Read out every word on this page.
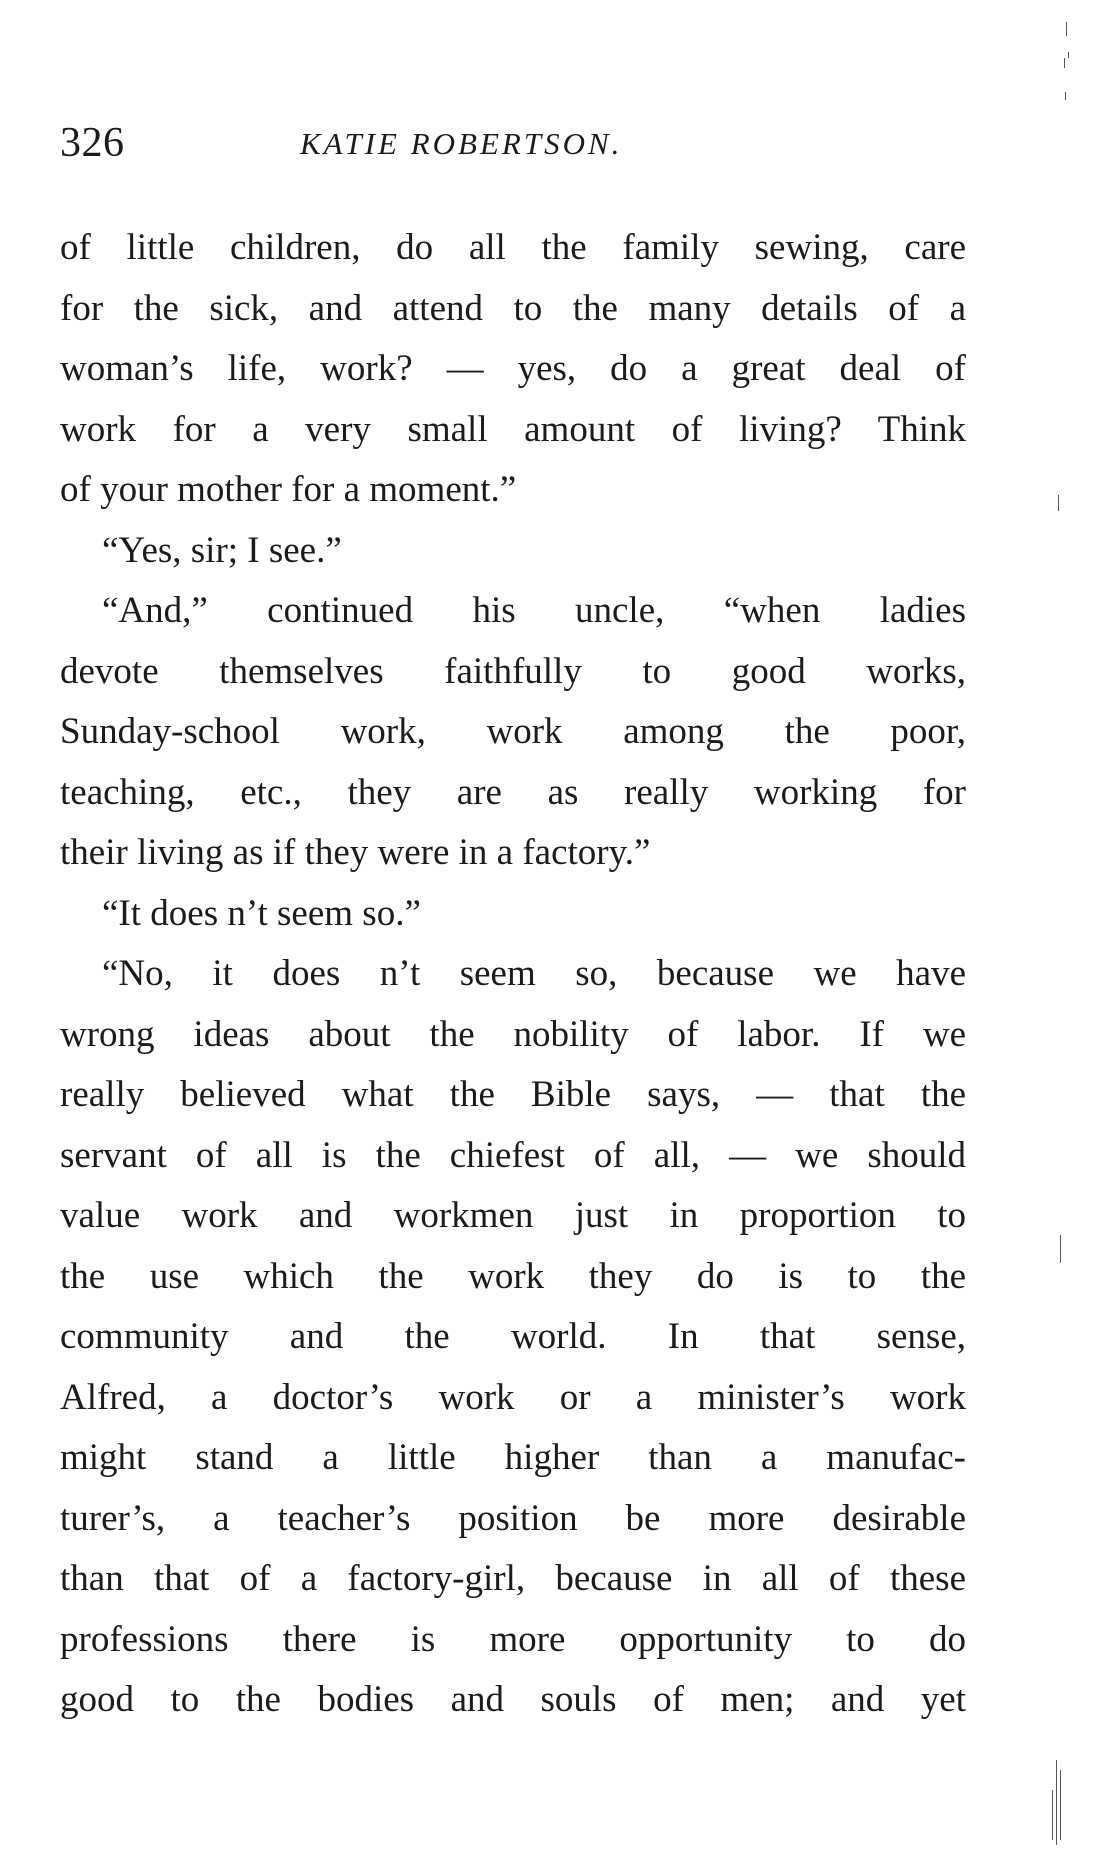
326	KATIE ROBERTSON.
of little children, do all the family sewing, care
for the sick, and attend to the many details of a
woman’s life, work? — yes, do a great deal of
work for a very small amount of living? Think
of your mother for a moment.”
“Yes, sir; I see.”
“And,” continued his uncle, “when ladies
devote themselves faithfully to good works,
Sunday-school work, work among the poor,
teaching, etc., they are as really working for
their living as if they were in a factory.”
“It does n’t seem so.”
“No, it does n’t seem so, because we have
wrong ideas about the nobility of labor. If we
really believed what the Bible says, — that the
servant of all is the chiefest of all, — we should
value work and workmen just in proportion to
the use which the work they do is to the
community and the world. In that sense,
Alfred, a doctor’s work or a minister’s work
might stand a little higher than a manufac-
turer’s, a teacher’s position be more desirable
than that of a factory-girl, because in all of these
professions there is more opportunity to do
good to the bodies and souls of men; and yet
